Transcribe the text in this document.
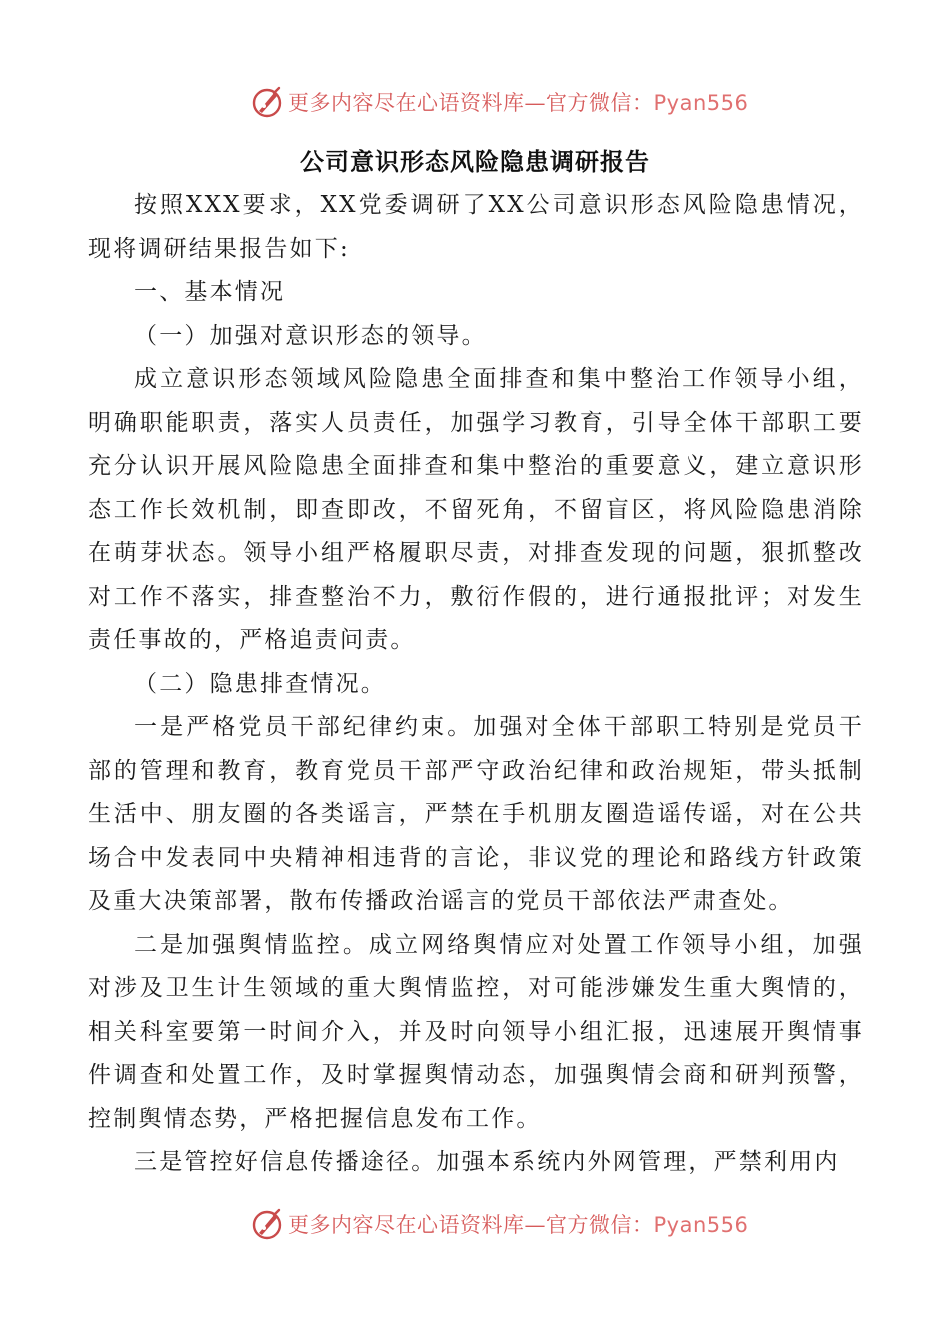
更多内容尽在心语资料库—官方微信：Pyan556
公司意识形态风险隐患调研报告

按照XXX要求，XX党委调研了XX公司意识形态风险隐患情况，现将调研结果报告如下:

一、基本情况

（一）加强对意识形态的领导。

成立意识形态领域风险隐患全面排查和集中整治工作领导小组，明确职能职责，落实人员责任，加强学习教育，引导全体干部职工要充分认识开展风险隐患全面排查和集中整治的重要意义，建立意识形态工作长效机制，即查即改，不留死角，不留盲区，将风险隐患消除在萌芽状态。领导小组严格履职尽责，对排查发现的问题，狠抓整改对工作不落实，排查整治不力，敷衍作假的，进行通报批评；对发生责任事故的，严格追责问责。

（二）隐患排查情况。

一是严格党员干部纪律约束。加强对全体干部职工特别是党员干部的管理和教育，教育党员干部严守政治纪律和政治规矩，带头抵制生活中、朋友圈的各类谣言，严禁在手机朋友圈造谣传谣，对在公共场合中发表同中央精神相违背的言论，非议党的理论和路线方针政策及重大决策部署，散布传播政治谣言的党员干部依法严肃查处。

二是加强舆情监控。成立网络舆情应对处置工作领导小组，加强对涉及卫生计生领域的重大舆情监控，对可能涉嫌发生重大舆情的，相关科室要第一时间介入，并及时向领导小组汇报，迅速展开舆情事件调查和处置工作，及时掌握舆情动态，加强舆情会商和研判预警，控制舆情态势，严格把握信息发布工作。

三是管控好信息传播途径。加强本系统内外网管理，严禁利用内

更多内容尽在心语资料库—官方微信：Pyan556
